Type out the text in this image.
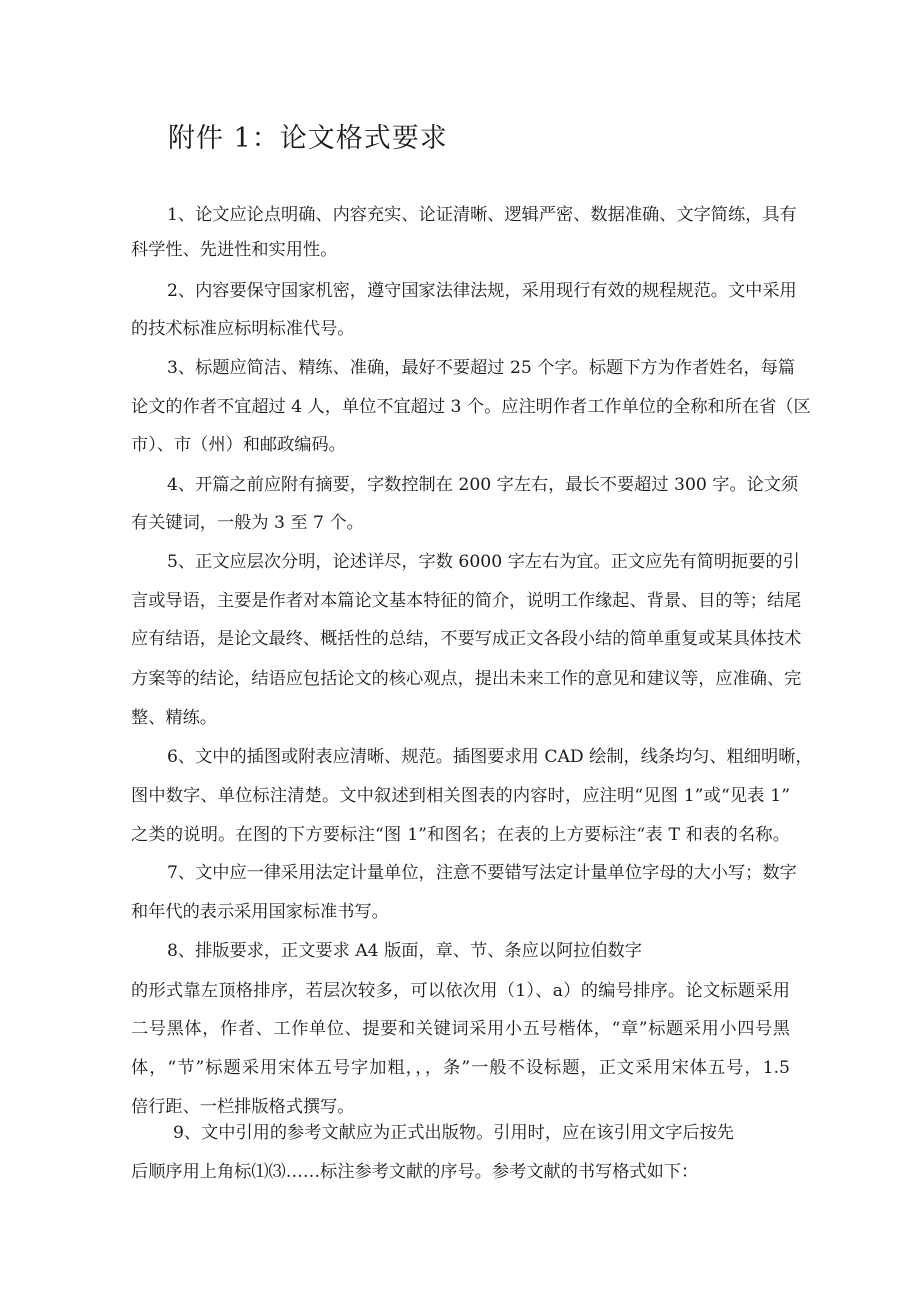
附件 1：论文格式要求
1、论文应论点明确、内容充实、论证清晰、逻辑严密、数据准确、文字简练，具有
科学性、先进性和实用性。
2、内容要保守国家机密，遵守国家法律法规，采用现行有效的规程规范。文中采用
的技术标准应标明标准代号。
3、标题应简洁、精练、准确，最好不要超过 25 个字。标题下方为作者姓名，每篇
论文的作者不宜超过 4 人，单位不宜超过 3 个。应注明作者工作单位的全称和所在省（区
市）、市（州）和邮政编码。
4、开篇之前应附有摘要，字数控制在 200 字左右，最长不要超过 300 字。论文须
有关键词，一般为 3 至 7 个。
5、正文应层次分明，论述详尽，字数 6000 字左右为宜。正文应先有简明扼要的引
言或导语，主要是作者对本篇论文基本特征的简介，说明工作缘起、背景、目的等；结尾
应有结语，是论文最终、概括性的总结，不要写成正文各段小结的简单重复或某具体技术
方案等的结论，结语应包括论文的核心观点，提出未来工作的意见和建议等，应准确、完
整、精练。
6、文中的插图或附表应清晰、规范。插图要求用 CAD 绘制，线条均匀、粗细明晰，
图中数字、单位标注清楚。文中叙述到相关图表的内容时，应注明“见图 1”或“见表 1”
之类的说明。在图的下方要标注“图 1”和图名；在表的上方要标注“表 T 和表的名称。
7、文中应一律采用法定计量单位，注意不要错写法定计量单位字母的大小写；数字
和年代的表示采用国家标准书写。
8、排版要求，正文要求 A4 版面，章、节、条应以阿拉伯数字
的形式靠左顶格排序，若层次较多，可以依次用（1）、a）的编号排序。论文标题采用
二号黑体，作者、工作单位、提要和关键词采用小五号楷体，“章”标题采用小四号黑
体，“节”标题采用宋体五号字加粗，，，条”一般不设标题，正文采用宋体五号，1.5
倍行距、一栏排版格式撰写。
9、文中引用的参考文献应为正式出版物。引用时，应在该引用文字后按先
后顺序用上角标⑴⑶……标注参考文献的序号。参考文献的书写格式如下：
